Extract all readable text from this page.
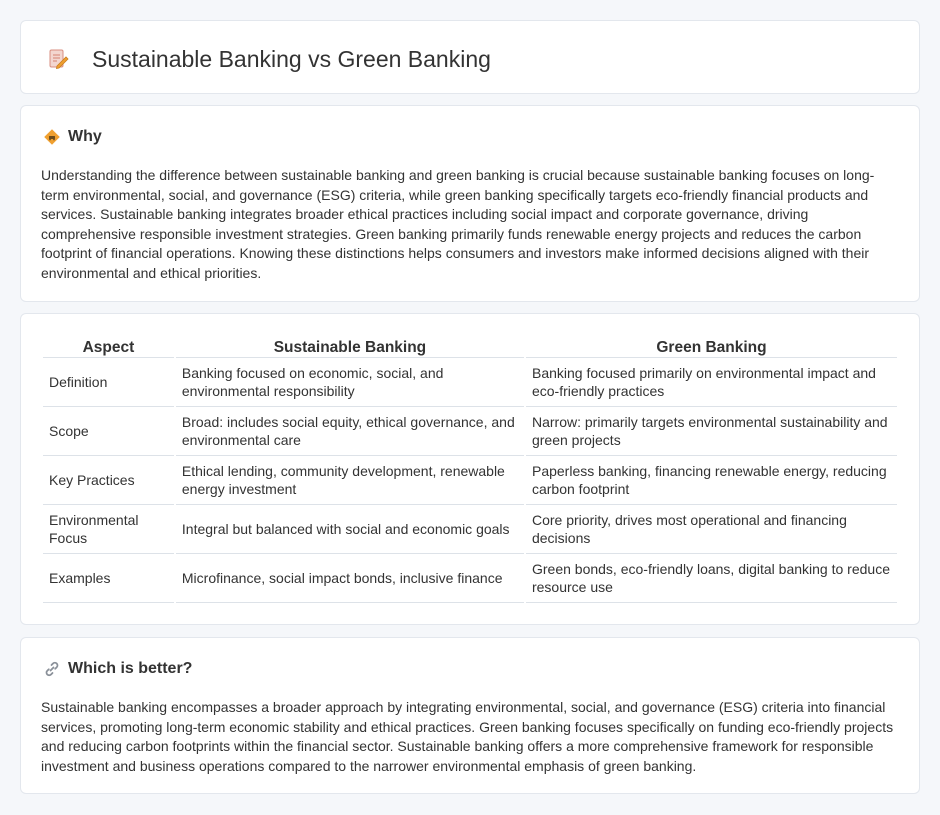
Sustainable Banking vs Green Banking
Why

Understanding the difference between sustainable banking and green banking is crucial because sustainable banking focuses on long-term environmental, social, and governance (ESG) criteria, while green banking specifically targets eco-friendly financial products and services. Sustainable banking integrates broader ethical practices including social impact and corporate governance, driving comprehensive responsible investment strategies. Green banking primarily funds renewable energy projects and reduces the carbon footprint of financial operations. Knowing these distinctions helps consumers and investors make informed decisions aligned with their environmental and ethical priorities.

Aspect	Sustainable Banking	Green Banking
Definition	Banking focused on economic, social, and environmental responsibility	Banking focused primarily on environmental impact and eco-friendly practices
Scope	Broad: includes social equity, ethical governance, and environmental care	Narrow: primarily targets environmental sustainability and green projects
Key Practices	Ethical lending, community development, renewable energy investment	Paperless banking, financing renewable energy, reducing carbon footprint
Environmental Focus	Integral but balanced with social and economic goals	Core priority, drives most operational and financing decisions
Examples	Microfinance, social impact bonds, inclusive finance	Green bonds, eco-friendly loans, digital banking to reduce resource use
Which is better?

Sustainable banking encompasses a broader approach by integrating environmental, social, and governance (ESG) criteria into financial services, promoting long-term economic stability and ethical practices. Green banking focuses specifically on funding eco-friendly projects and reducing carbon footprints within the financial sector. Sustainable banking offers a more comprehensive framework for responsible investment and business operations compared to the narrower environmental emphasis of green banking.
